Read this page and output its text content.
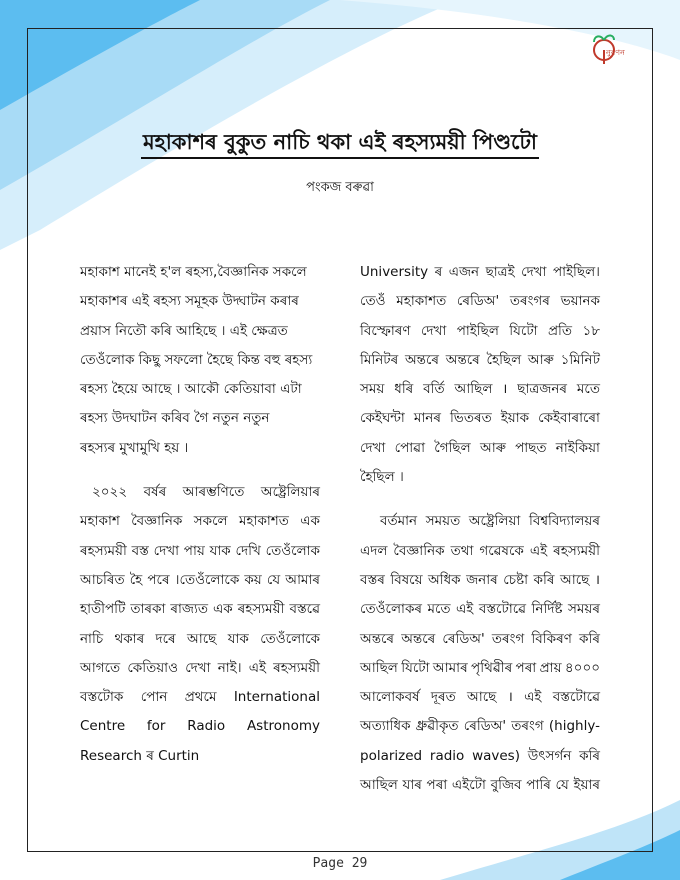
নুৰণন
মহাকাশৰ বুকুত নাচি থকা এই ৰহস্যময়ী পিণ্ডটো
পংকজ বৰুৱা
মহাকাশ মানেই হ'ল ৰহস্য,বৈজ্ঞানিক সকলে
মহাকাশৰ এই ৰহস্য সমূহক উদ্ঘাটন কৰাৰ
প্ৰয়াস নিতৌ কৰি আহিছে । এই ক্ষেত্ৰত
তেওঁলোক কিছু সফলো হৈছে কিন্ত বহু ৰহস্য
ৰহস্য হৈয়ে আছে । আকৌ কেতিয়াবা এটা
ৰহস্য উদঘাটন কৰিব গৈ নতুন নতুন
ৰহস্যৰ মুখামুখি হয় ।
২০২২ বৰ্ষৰ আৰম্ভণিতে অষ্ট্ৰেলিয়াৰ
মহাকাশ বৈজ্ঞানিক সকলে মহাকাশত এক
ৰহস্যময়ী বস্ত দেখা পায় যাক দেখি তেওঁলোক
আচৰিত হৈ পৰে ।তেওঁলোকে কয় যে আমাৰ
হাতীপটি তাৰকা ৰাজ্যত এক ৰহস্যময়ী বস্তৱে
নাচি থকাৰ দৰে আছে যাক তেওঁলোকে
আগতে কেতিয়াও দেখা নাই। এই ৰহস্যময়ী
বস্তটোক পোন প্ৰথমে International
Centre for Radio Astronomy
Research ৰ Curtin
University ৰ এজন ছাত্ৰই দেখা পাইছিল।
তেওঁ মহাকাশত ৰেডিঅ' তৰংগৰ ভয়ানক
বিস্ফোৰণ দেখা পাইছিল যিটো প্ৰতি ১৮
মিনিটৰ অন্তৰে অন্তৰে হৈছিল আৰু ১মিনিট
সময় ধৰি বৰ্তি আছিল । ছাত্ৰজনৰ মতে
কেইঘন্টা মানৰ ভিতৰত ইয়াক কেইবাৰাৰো
দেখা পোৱা গৈছিল আৰু পাছত নাইকিয়া
হৈছিল ।
বৰ্তমান সময়ত অষ্ট্ৰেলিয়া বিশ্ববিদ্যালয়ৰ
এদল বৈজ্ঞানিক তথা গৱেষকে এই ৰহস্যময়ী
বস্তৰ বিষয়ে অধিক জনাৰ চেষ্টা কৰি আছে ।
তেওঁলোকৰ মতে এই বস্তটোৱে নিৰ্দিষ্ট সময়ৰ
অন্তৰে অন্তৰে ৰেডিঅ' তৰংগ বিকিৰণ কৰি
আছিল যিটো আমাৰ পৃথিৱীৰ পৰা প্ৰায় ৪০০০
আলোকবৰ্ষ দূৰত আছে । এই বস্তটোৱে
অত্যাধিক ধ্ৰুৱীকৃত ৰেডিঅ' তৰংগ (highly-
polarized radio waves) উৎসৰ্গন কৰি
আছিল যাৰ পৰা এইটো বুজিব পাৰি যে ইয়াৰ
Page 29
